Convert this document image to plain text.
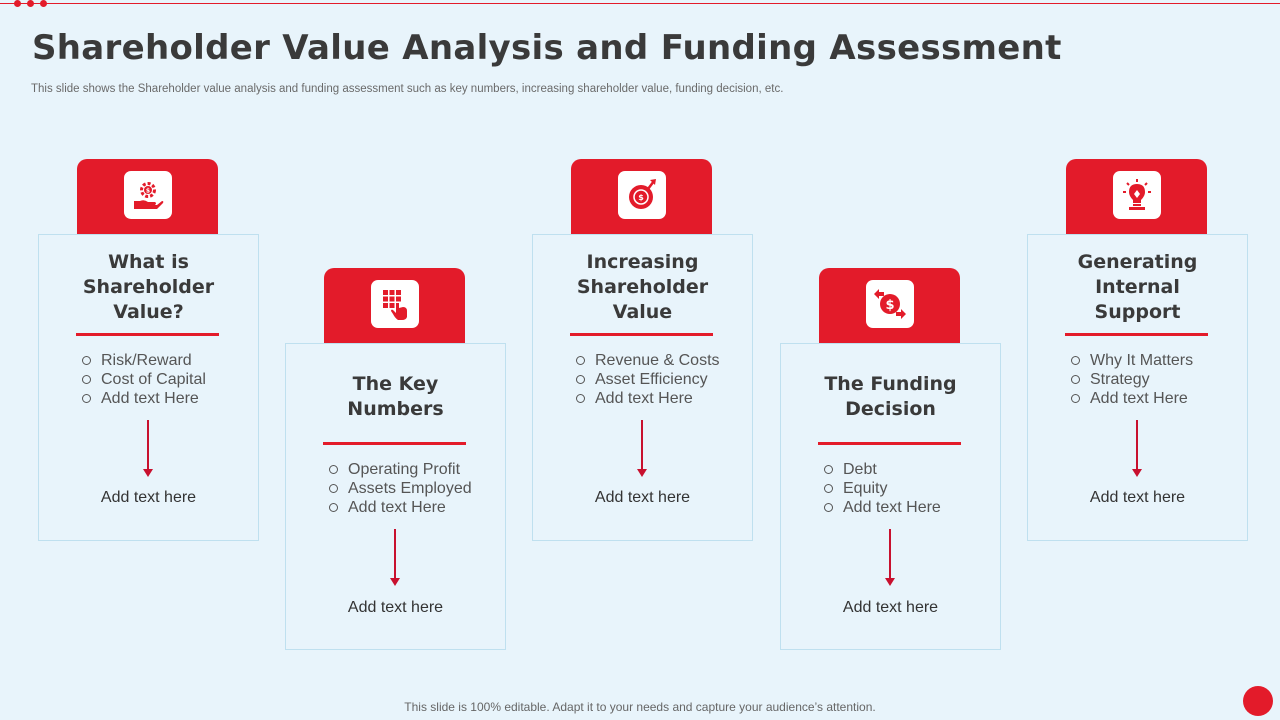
Shareholder Value Analysis and Funding Assessment
This slide shows the Shareholder value analysis and funding assessment such as key numbers, increasing shareholder value, funding decision, etc.
$
What is
Shareholder
Value?
Risk/Reward
Cost of Capital
Add text Here
Add text here
The Key
Numbers
Operating Profit
Assets Employed
Add text Here
Add text here
$
Increasing
Shareholder
Value
Revenue & Costs
Asset Efficiency
Add text Here
Add text here
$
The Funding
Decision
Debt
Equity
Add text Here
Add text here
Generating
Internal
Support
Why It Matters
Strategy
Add text Here
Add text here
This slide is 100% editable. Adapt it to your needs and capture your audience’s attention.
